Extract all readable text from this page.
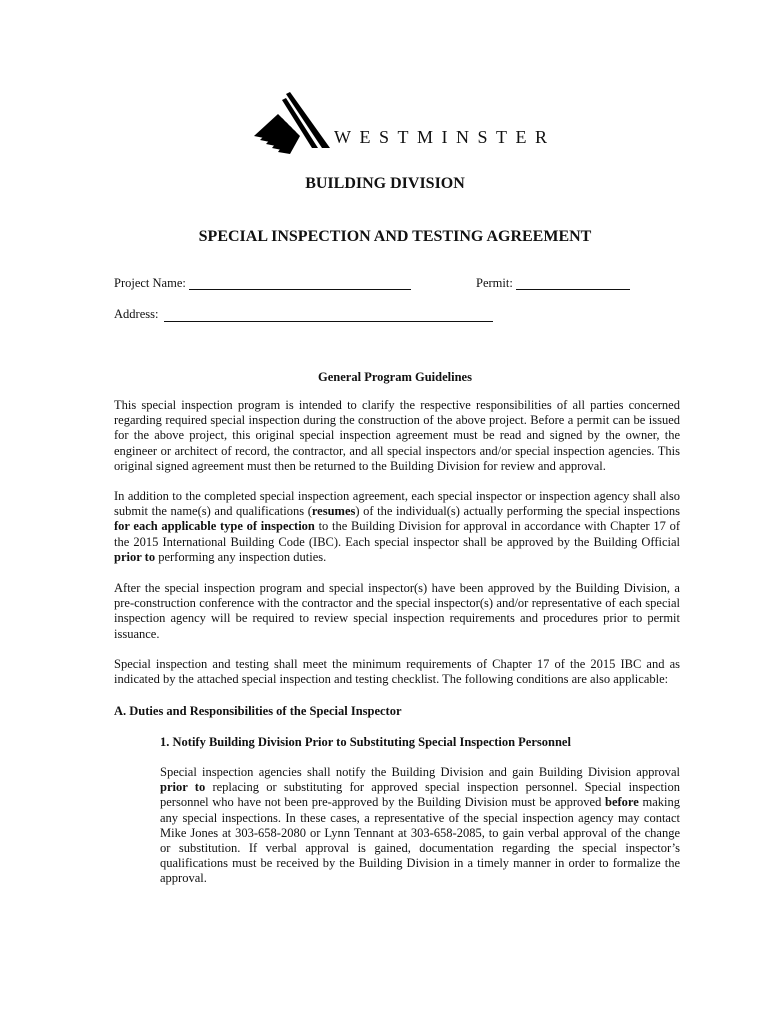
WESTMINSTER
BUILDING DIVISION
SPECIAL INSPECTION AND TESTING AGREEMENT
Project Name:	Permit:
Address:
General Program Guidelines

This special inspection program is intended to clarify the respective responsibilities of all parties concerned regarding required special inspection during the construction of the above project. Before a permit can be issued for the above project, this original special inspection agreement must be read and signed by the owner, the engineer or architect of record, the contractor, and all special inspectors and/or special inspection agencies. This original signed agreement must then be returned to the Building Division for review and approval.

In addition to the completed special inspection agreement, each special inspector or inspection agency shall also submit the name(s) and qualifications (resumes) of the individual(s) actually performing the special inspections for each applicable type of inspection to the Building Division for approval in accordance with Chapter 17 of the 2015 International Building Code (IBC). Each special inspector shall be approved by the Building Official prior to performing any inspection duties.

After the special inspection program and special inspector(s) have been approved by the Building Division, a pre-construction conference with the contractor and the special inspector(s) and/or representative of each special inspection agency will be required to review special inspection requirements and procedures prior to permit issuance.

Special inspection and testing shall meet the minimum requirements of Chapter 17 of the 2015 IBC and as indicated by the attached special inspection and testing checklist. The following conditions are also applicable:

A. Duties and Responsibilities of the Special Inspector
1. Notify Building Division Prior to Substituting Special Inspection Personnel

Special inspection agencies shall notify the Building Division and gain Building Division approval prior to replacing or substituting for approved special inspection personnel. Special inspection personnel who have not been pre-approved by the Building Division must be approved before making any special inspections. In these cases, a representative of the special inspection agency may contact Mike Jones at 303-658-2080 or Lynn Tennant at 303-658-2085, to gain verbal approval of the change or substitution. If verbal approval is gained, documentation regarding the special inspector’s qualifications must be received by the Building Division in a timely manner in order to formalize the approval.
